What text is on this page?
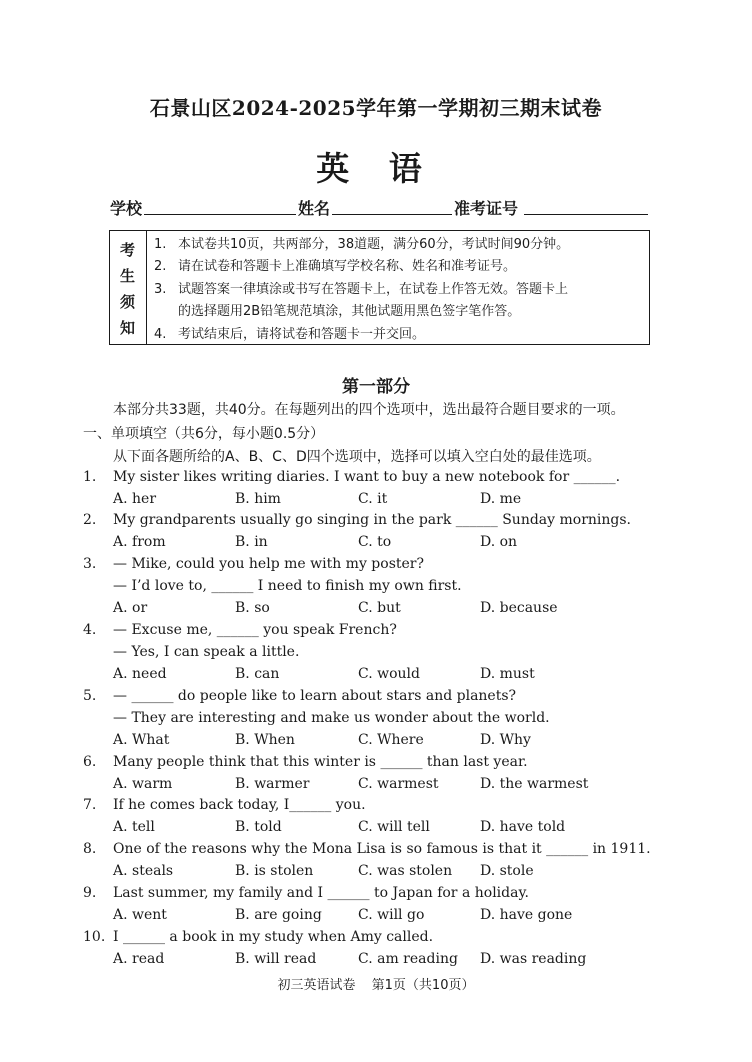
石景山区2024-2025学年第一学期初三期末试卷
英 语
学校	姓名	准考证号
考
生
须
知
1. 本试卷共10页，共两部分，38道题，满分60分，考试时间90分钟。
2. 请在试卷和答题卡上准确填写学校名称、姓名和准考证号。
3. 试题答案一律填涂或书写在答题卡上，在试卷上作答无效。答题卡上
的选择题用2B铅笔规范填涂，其他试题用黑色签字笔作答。
4. 考试结束后，请将试卷和答题卡一并交回。
第一部分
本部分共33题，共40分。在每题列出的四个选项中，选出最符合题目要求的一项。
一、单项填空（共6分，每小题0.5分）
从下面各题所给的A、B、C、D四个选项中，选择可以填入空白处的最佳选项。
1. My sister likes writing diaries. I want to buy a new notebook for ______.
A. her	B. him	C. it	D. me
2. My grandparents usually go singing in the park ______ Sunday mornings.
A. from	B. in	C. to	D. on
3. — Mike, could you help me with my poster?
— I’d love to, ______ I need to finish my own first.
A. or	B. so	C. but	D. because
4. — Excuse me, ______ you speak French?
— Yes, I can speak a little.
A. need	B. can	C. would	D. must
5. — ______ do people like to learn about stars and planets?
— They are interesting and make us wonder about the world.
A. What	B. When	C. Where	D. Why
6. Many people think that this winter is ______ than last year.
A. warm	B. warmer	C. warmest	D. the warmest
7. If he comes back today, I______ you.
A. tell	B. told	C. will tell	D. have told
8. One of the reasons why the Mona Lisa is so famous is that it ______ in 1911.
A. steals	B. is stolen	C. was stolen D. stole
9. Last summer, my family and I ______ to Japan for a holiday.
A. went	B. are going	C. will go	D. have gone
10. I ______ a book in my study when Amy called.
A. read	B. will read	C. am reading D. was reading
初三英语试卷 第1页（共10页）
